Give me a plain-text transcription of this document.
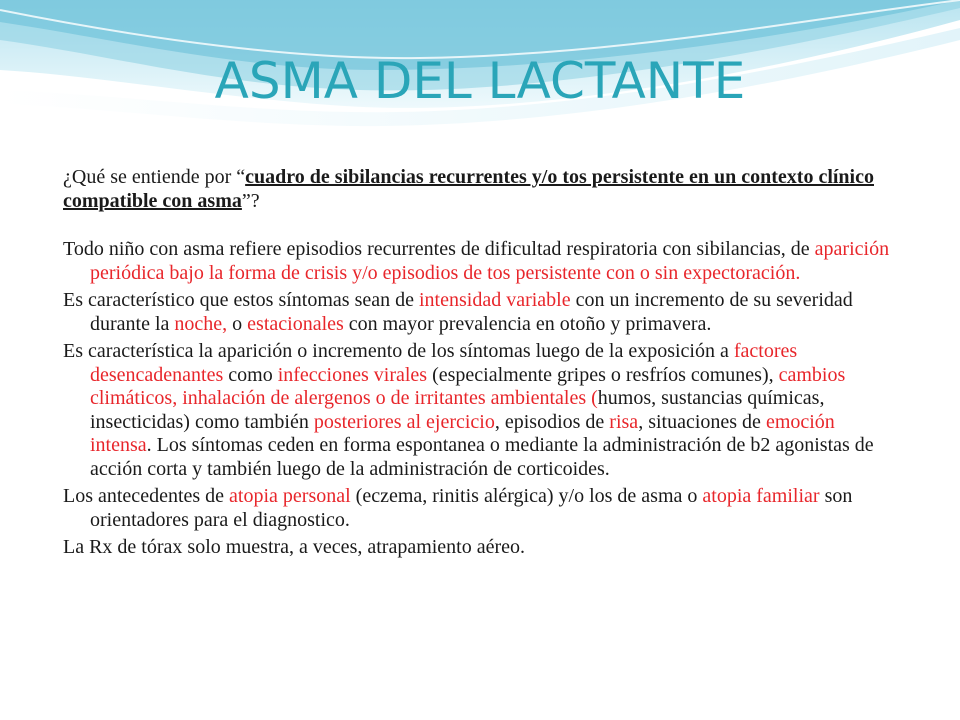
ASMA DEL LACTANTE

¿Qué se entiende por “cuadro de sibilancias recurrentes y/o tos persistente en un contexto clínico compatible con asma”?

Todo niño con asma refiere episodios recurrentes de dificultad respiratoria con sibilancias, de aparición periódica bajo la forma de crisis y/o episodios de tos persistente con o sin expectoración.

Es característico que estos síntomas sean de intensidad variable con un incremento de su severidad durante la noche, o estacionales con mayor prevalencia en otoño y primavera.

Es característica la aparición o incremento de los síntomas luego de la exposición a factores desencadenantes como infecciones virales (especialmente gripes o resfríos comunes), cambios climáticos, inhalación de alergenos o de irritantes ambientales (humos, sustancias químicas, insecticidas) como también posteriores al ejercicio, episodios de risa, situaciones de emoción intensa. Los síntomas ceden en forma espontanea o mediante la administración de b2 agonistas de acción corta y también luego de la administración de corticoides.

Los antecedentes de atopia personal (eczema, rinitis alérgica) y/o los de asma o atopia familiar son orientadores para el diagnostico.

La Rx de tórax solo muestra, a veces, atrapamiento aéreo.
